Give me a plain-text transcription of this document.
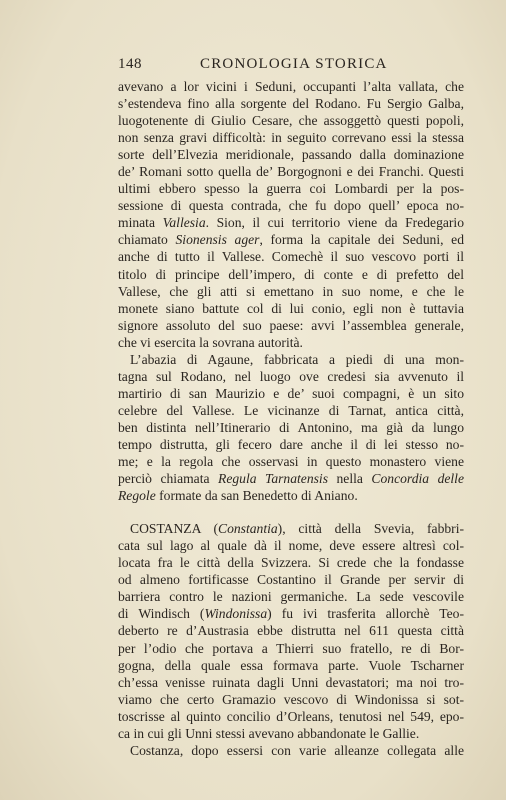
148	CRONOLOGIA STORICA
avevano a lor vicini i Seduni, occupanti l’alta vallata, che
s’estendeva fino alla sorgente del Rodano. Fu Sergio Galba,
luogotenente di Giulio Cesare, che assoggettò questi popoli,
non senza gravi difficoltà: in seguito correvano essi la stessa
sorte dell’Elvezia meridionale, passando dalla dominazione
de’ Romani sotto quella de’ Borgognoni e dei Franchi. Questi
ultimi ebbero spesso la guerra coi Lombardi per la pos-
sessione di questa contrada, che fu dopo quell’ epoca no-
minata Vallesia. Sion, il cui territorio viene da Fredegario
chiamato Sionensis ager, forma la capitale dei Seduni, ed
anche di tutto il Vallese. Comechè il suo vescovo porti il
titolo di principe dell’impero, di conte e di prefetto del
Vallese, che gli atti si emettano in suo nome, e che le
monete siano battute col di lui conio, egli non è tuttavia
signore assoluto del suo paese: avvi l’assemblea generale,
che vi esercita la sovrana autorità.
L’abazia di Agaune, fabbricata a piedi di una mon-
tagna sul Rodano, nel luogo ove credesi sia avvenuto il
martirio di san Maurizio e de’ suoi compagni, è un sito
celebre del Vallese. Le vicinanze di Tarnat, antica città,
ben distinta nell’Itinerario di Antonino, ma già da lungo
tempo distrutta, gli fecero dare anche il di lei stesso no-
me; e la regola che osservasi in questo monastero viene
perciò chiamata Regula Tarnatensis nella Concordia delle
Regole formate da san Benedetto di Aniano.
COSTANZA (Constantia), città della Svevia, fabbri-
cata sul lago al quale dà il nome, deve essere altresì col-
locata fra le città della Svizzera. Si crede che la fondasse
od almeno fortificasse Costantino il Grande per servir di
barriera contro le nazioni germaniche. La sede vescovile
di Windisch (Windonissa) fu ivi trasferita allorchè Teo-
deberto re d’Austrasia ebbe distrutta nel 611 questa città
per l’odio che portava a Thierri suo fratello, re di Bor-
gogna, della quale essa formava parte. Vuole Tscharner
ch’essa venisse ruinata dagli Unni devastatori; ma noi tro-
viamo che certo Gramazio vescovo di Windonissa si sot-
toscrisse al quinto concilio d’Orleans, tenutosi nel 549, epo-
ca in cui gli Unni stessi avevano abbandonate le Gallie.
Costanza, dopo essersi con varie alleanze collegata alle
